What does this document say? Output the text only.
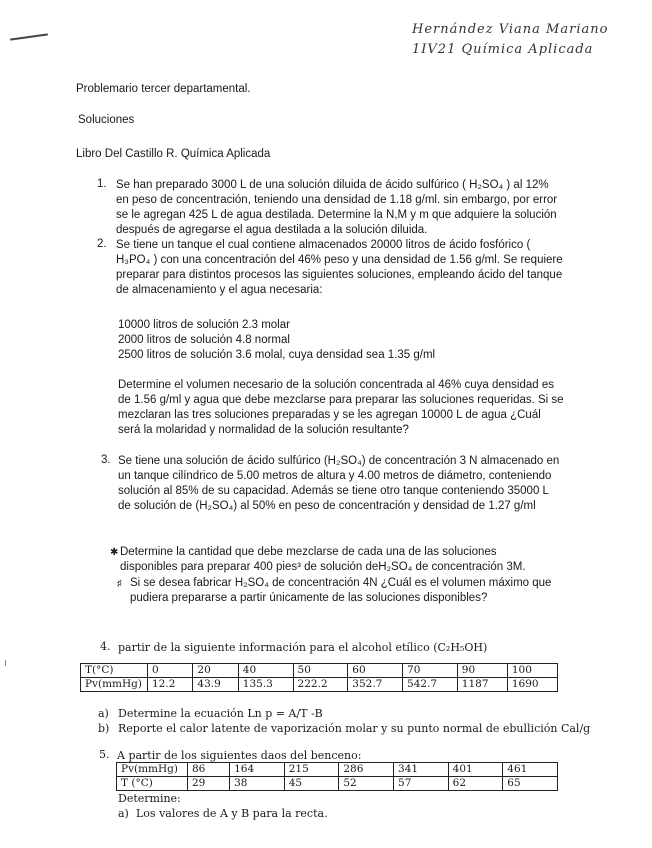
Hernández Viana Mariano
1IV21 Química Aplicada
Problemario tercer departamental.
Soluciones
Libro Del Castillo R. Química Aplicada
1. Se han preparado 3000 L de una solución diluida de ácido sulfúrico ( H₂SO₄ ) al 12% en peso de concentración, teniendo una densidad de 1.18 g/ml. sin embargo, por error se le agregan 425 L de agua destilada. Determine la N,M y m que adquiere la solución después de agregarse el agua destilada a la solución diluida.
2. Se tiene un tanque el cual contiene almacenados 20000 litros de ácido fosfórico ( H₃PO₄ ) con una concentración del 46% peso y una densidad de 1.56 g/ml. Se requiere preparar para distintos procesos las siguientes soluciones, empleando ácido del tanque de almacenamiento y el agua necesaria:
10000 litros de solución 2.3 molar
2000 litros de solución 4.8 normal
2500 litros de solución 3.6 molal, cuya densidad sea 1.35 g/ml
Determine el volumen necesario de la solución concentrada al 46% cuya densidad es de 1.56 g/ml y agua que debe mezclarse para preparar las soluciones requeridas. Si se mezclaran las tres soluciones preparadas y se les agregan 10000 L de agua ¿Cuál será la molaridad y normalidad de la solución resultante?
3. Se tiene una solución de ácido sulfúrico (H₂SO₄) de concentración 3 N almacenado en un tanque cilíndrico de 5.00 metros de altura y 4.00 metros de diámetro, conteniendo solución al 85% de su capacidad. Además se tiene otro tanque conteniendo 35000 L de solución de (H₂SO₄) al 50% en peso de concentración y densidad de 1.27 g/ml
✱ Determine la cantidad que debe mezclarse de cada una de las soluciones disponibles para preparar 400 pies³ de solución deH₂SO₄ de concentración 3M.
♯ Si se desea fabricar H₂SO₄ de concentración 4N ¿Cuál es el volumen máximo que pudiera prepararse a partir únicamente de las soluciones disponibles?
4. partir de la siguiente información para el alcohol etílico (C₂H₅OH)
T(°C)	0	20	40	50	60	70	90	100
Pv(mmHg)	12.2	43.9	135.3	222.2	352.7	542.7	1187	1690
a) Determine la ecuación Ln p = A/T -B
b) Reporte el calor latente de vaporización molar y su punto normal de ebullición Cal/g
5. A partir de los siguientes daos del benceno:
Pv(mmHg)	86	164	215	286	341	401	461
T (°C)	29	38	45	52	57	62	65
Determine:
a) Los valores de A y B para la recta.
